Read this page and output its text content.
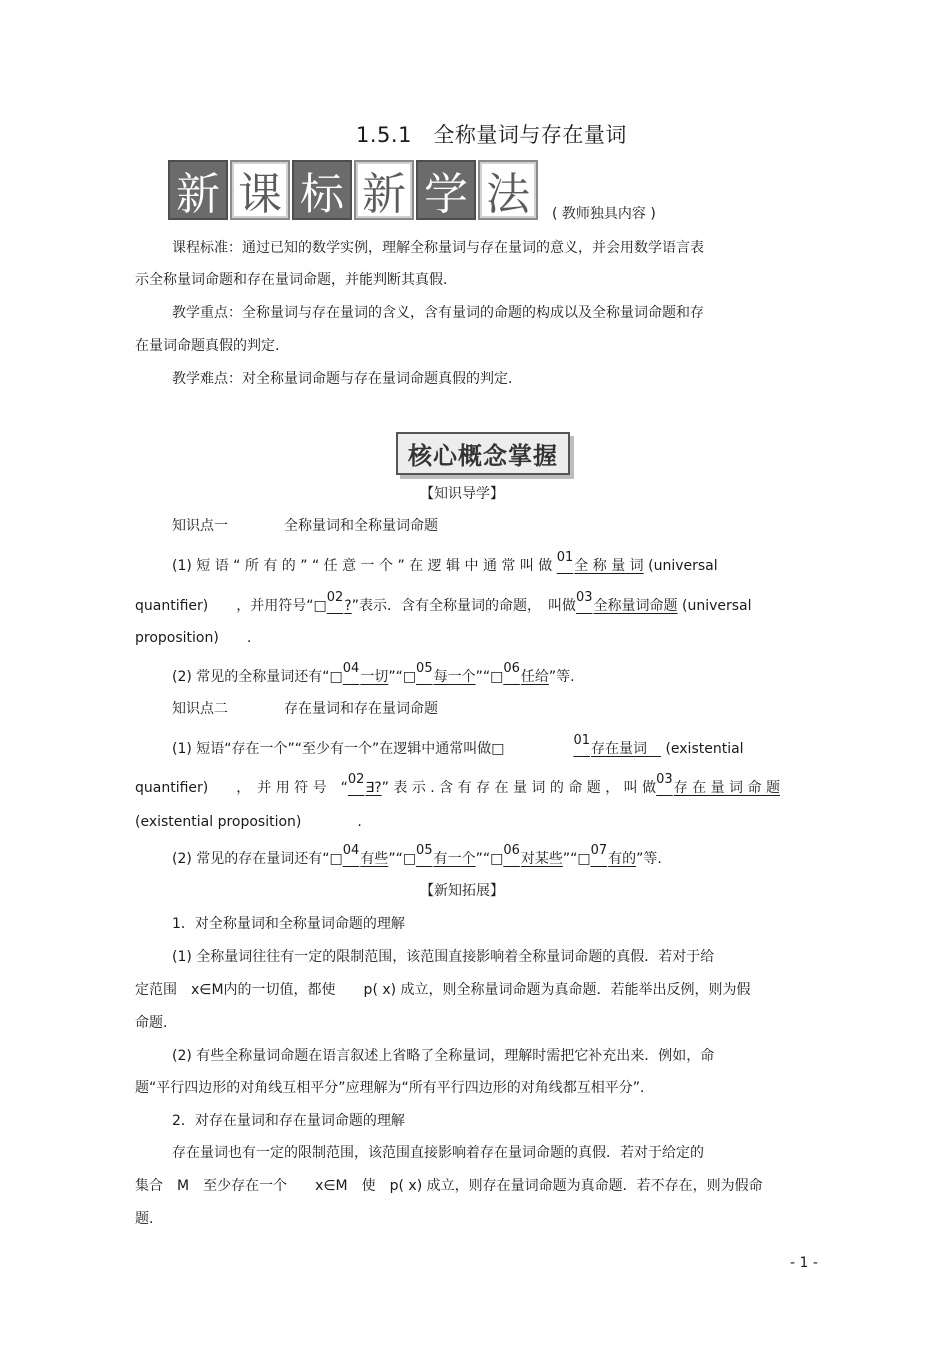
1.5.1　全称量词与存在量词
新 课 标 新 学 法	( 教师独具内容 )
课程标准：通过已知的数学实例，理解全称量词与存在量词的意义，并会用数学语言表
示全称量词命题和存在量词命题，并能判断其真假.
教学重点：全称量词与存在量词的含义，含有量词的命题的构成以及全称量词命题和存
在量词命题真假的判定.
教学难点：对全称量词命题与存在量词命题真假的判定.
核心概念掌握
【知识导学】
知识点一　　　　全称量词和全称量词命题
(1) 短 语 “ 所 有 的 ” “ 任 意 一 个 ” 在 逻 辑 中 通 常 叫 做 01全 称 量 词 (universal
quantifier)　　，并用符号“□02?”表示．含有全称量词的命题，　叫做03全称量词命题 (universal
proposition)　　.
(2) 常见的全称量词还有“□04一切”“□05每一个”“□06任给”等.
知识点二　　　　存在量词和存在量词命题
(1) 短语“存在一个”“至少有一个”在逻辑中通常叫做□  01存在量词　 (existential
quantifier)　　，　并 用 符 号　“02∃?” 表 示 . 含 有 存 在 量 词 的 命 题 ， 叫 做03存 在 量 词 命 题
(existential proposition)　　　　.
(2) 常见的存在量词还有“□04有些”“□05有一个”“□06对某些”“□07有的”等.
【新知拓展】
1．对全称量词和全称量词命题的理解
(1) 全称量词往往有一定的限制范围，该范围直接影响着全称量词命题的真假．若对于给
定范围　x∈M内的一切值，都使　　p( x) 成立，则全称量词命题为真命题．若能举出反例，则为假
命题.
(2) 有些全称量词命题在语言叙述上省略了全称量词，理解时需把它补充出来．例如，命
题“平行四边形的对角线互相平分”应理解为“所有平行四边形的对角线都互相平分”．
2．对存在量词和存在量词命题的理解
存在量词也有一定的限制范围，该范围直接影响着存在量词命题的真假．若对于给定的
集合　M　至少存在一个　　x∈M　使　p( x) 成立，则存在量词命题为真命题．若不存在，则为假命
题.
- 1 -
